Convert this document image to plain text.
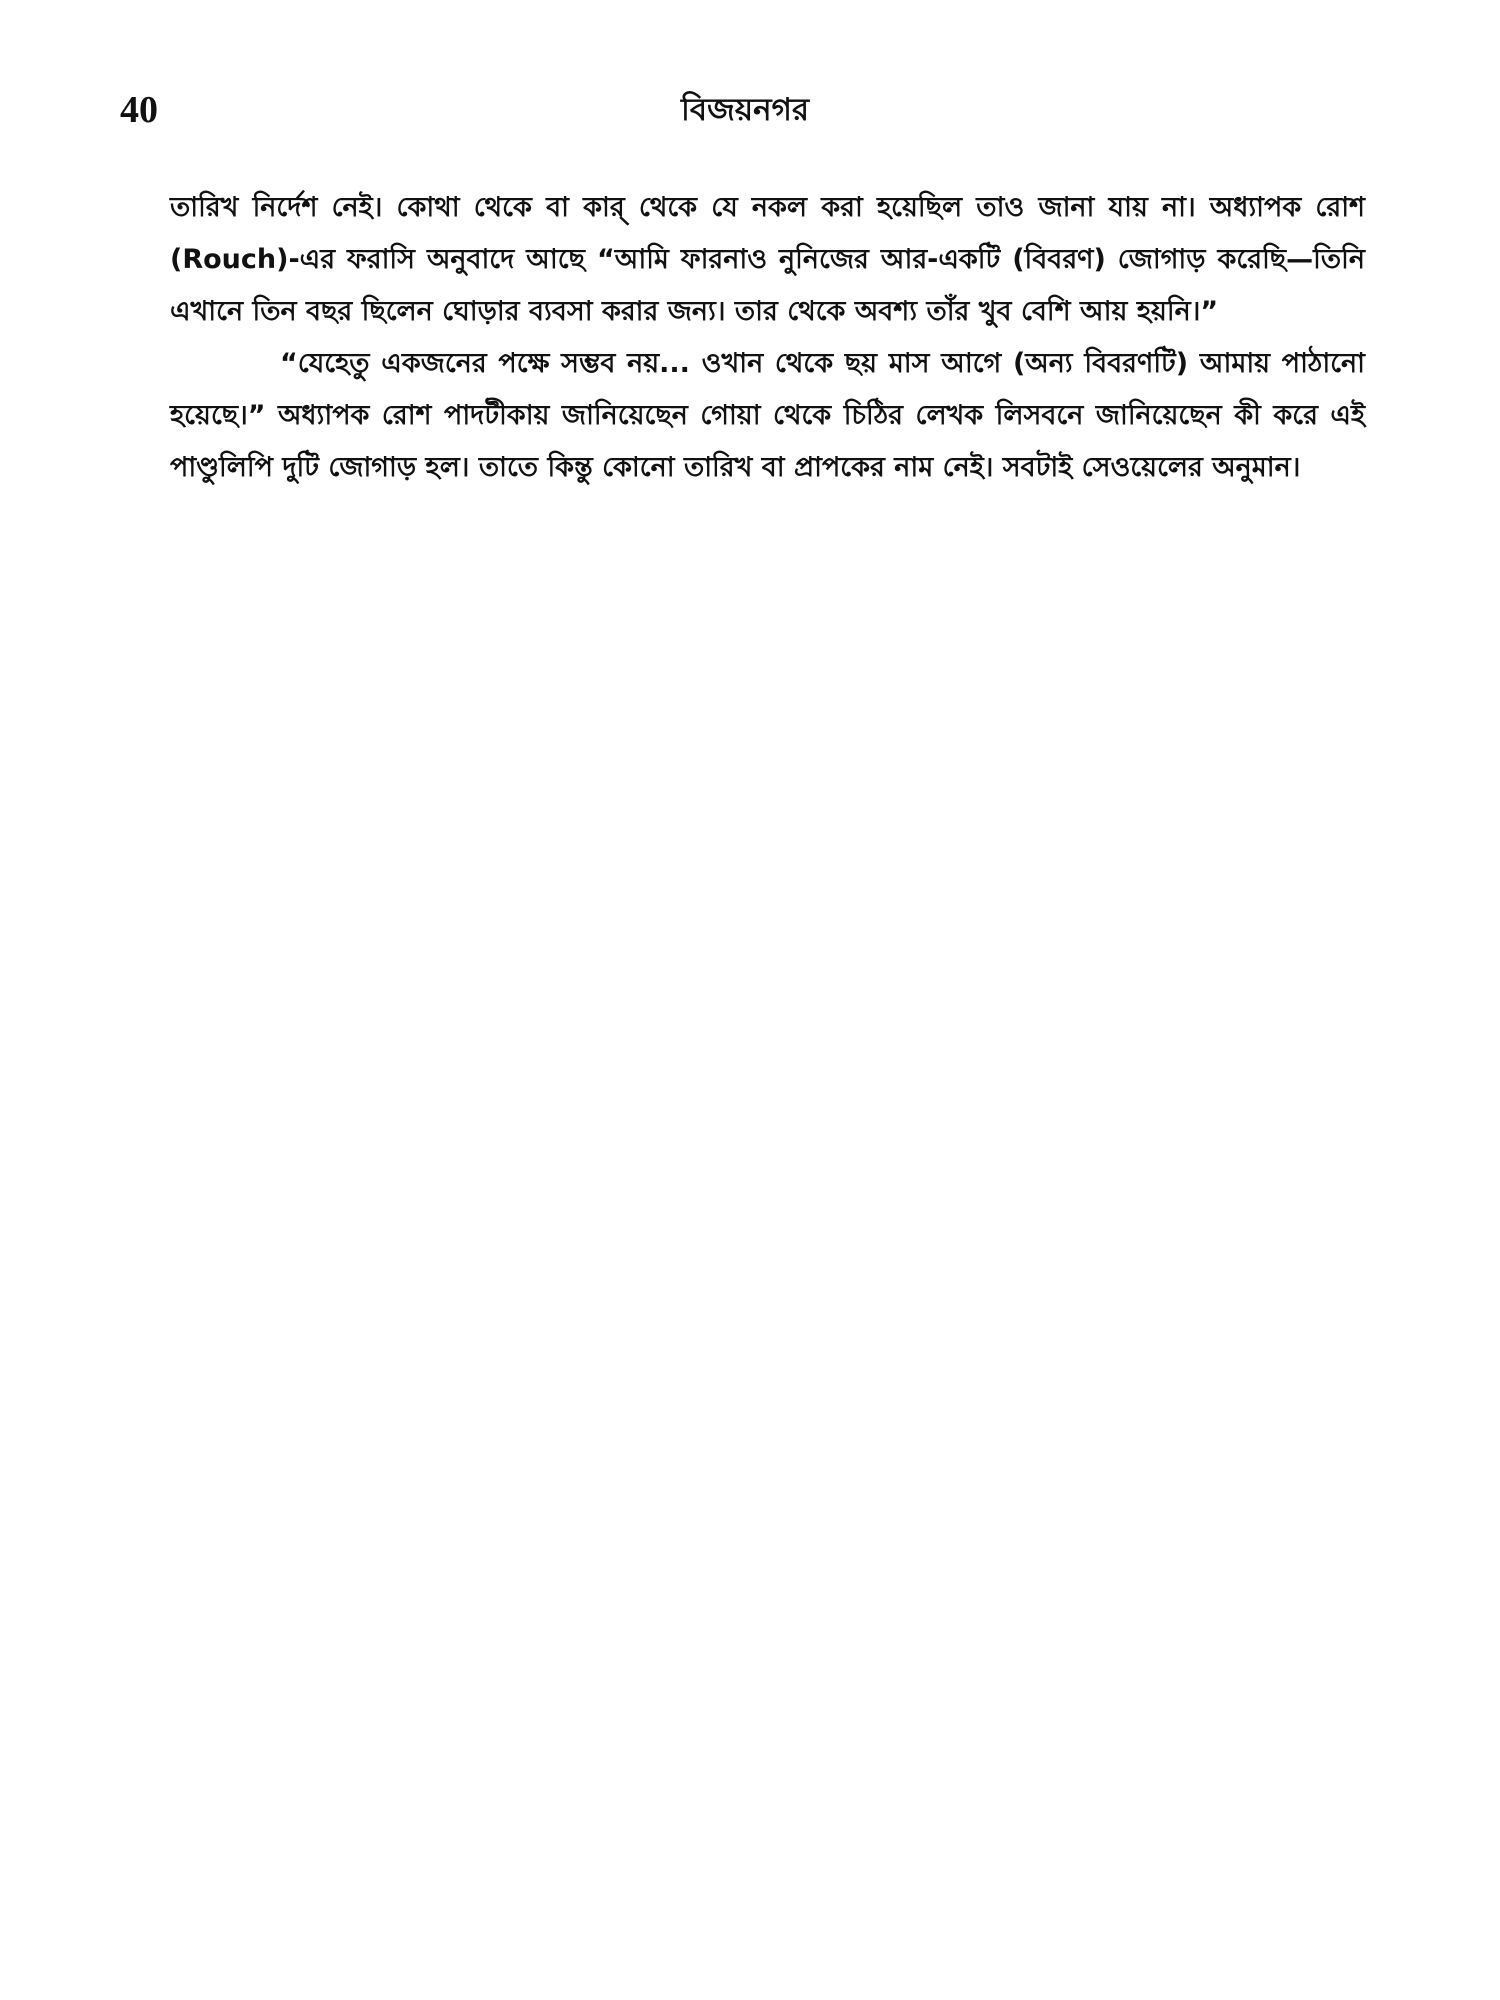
40	বিজয়নগর

তারিখ নির্দেশ নেই। কোথা থেকে বা কার্‌ থেকে যে নকল করা হয়েছিল তাও জানা যায় না। অধ্যাপক রোশ (Rouch)-এর ফরাসি অনুবাদে আছে “আমি ফারনাও নুনিজের আর-একটি (বিবরণ) জোগাড় করেছি—তিনি এখানে তিন বছর ছিলেন ঘোড়ার ব্যবসা করার জন্য। তার থেকে অবশ্য তাঁর খুব বেশি আয় হয়নি।”

“যেহেতু একজনের পক্ষে সম্ভব নয়... ওখান থেকে ছয় মাস আগে (অন্য বিবরণটি) আমায় পাঠানো হয়েছে।” অধ্যাপক রোশ পাদটীকায় জানিয়েছেন গোয়া থেকে চিঠির লেখক লিসবনে জানিয়েছেন কী করে এই পাণ্ডুলিপি দুটি জোগাড় হল। তাতে কিন্তু কোনো তারিখ বা প্রাপকের নাম নেই। সবটাই সেওয়েলের অনুমান।
